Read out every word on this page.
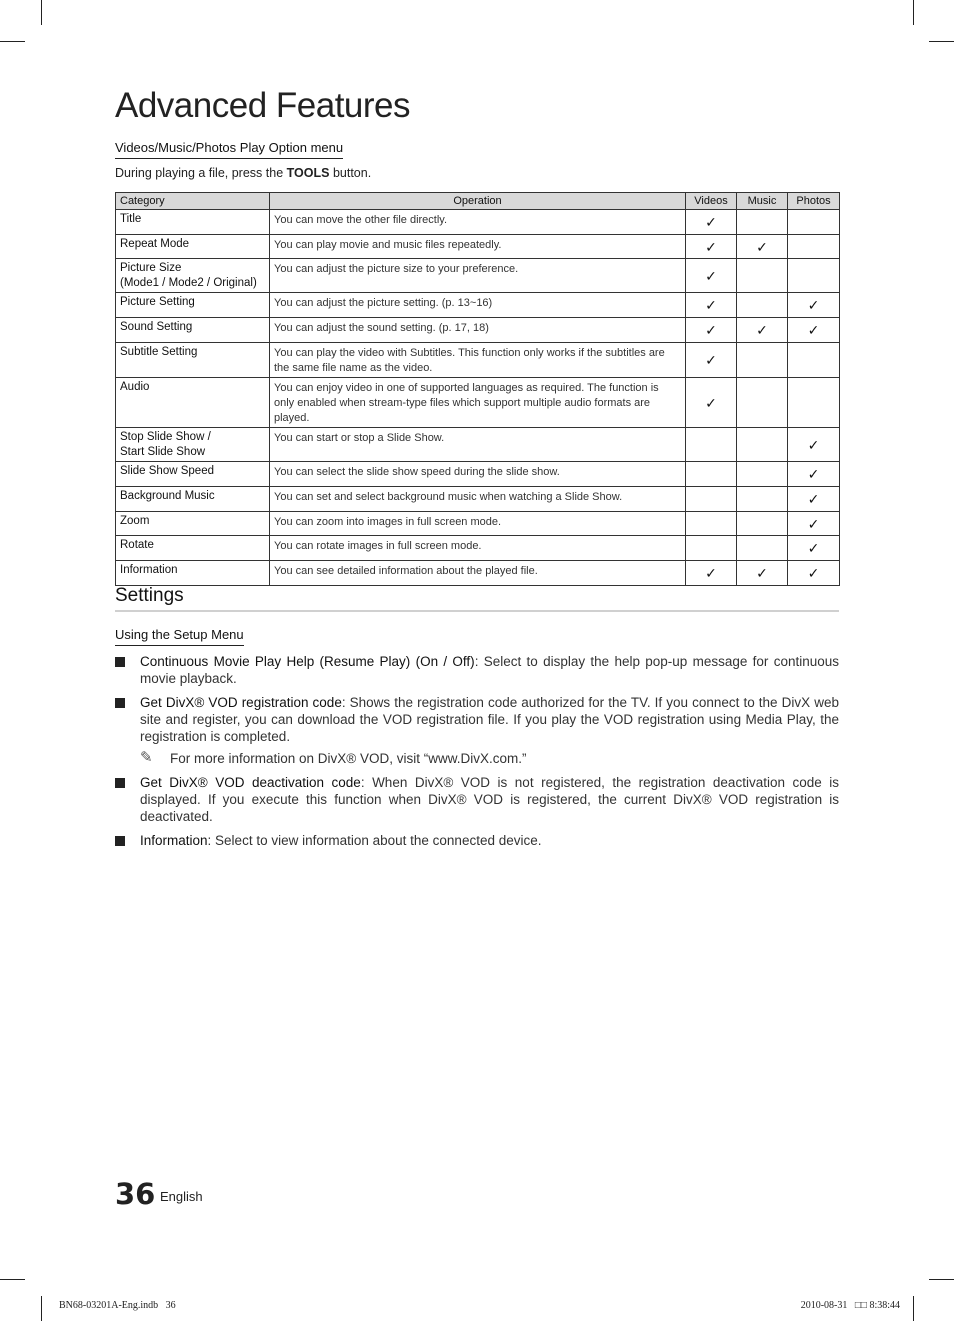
Advanced Features
Videos/Music/Photos Play Option menu
During playing a file, press the TOOLS button.
Category	Operation	Videos	Music	Photos
Title	You can move the other file directly.	✓		
Repeat Mode	You can play movie and music files repeatedly.	✓	✓	
Picture Size
(Mode1 / Mode2 / Original)	You can adjust the picture size to your preference.	✓		
Picture Setting	You can adjust the picture setting. (p. 13~16)	✓		✓
Sound Setting	You can adjust the sound setting. (p. 17, 18)	✓	✓	✓
Subtitle Setting	You can play the video with Subtitles. This function only works if the subtitles are the same file name as the video.	✓		
Audio	You can enjoy video in one of supported languages as required. The function is only enabled when stream-type files which support multiple audio formats are played.	✓		
Stop Slide Show /
Start Slide Show	You can start or stop a Slide Show.			✓
Slide Show Speed	You can select the slide show speed during the slide show.			✓
Background Music	You can set and select background music when watching a Slide Show.			✓
Zoom	You can zoom into images in full screen mode.			✓
Rotate	You can rotate images in full screen mode.			✓
Information	You can see detailed information about the played file.	✓	✓	✓
Settings
Using the Setup Menu
Continuous Movie Play Help (Resume Play) (On / Off): Select to display the help pop-up message for continuous movie playback.
Get DivX® VOD registration code: Shows the registration code authorized for the TV. If you connect to the DivX web site and register, you can download the VOD registration file. If you play the VOD registration using Media Play, the registration is completed.
✎ For more information on DivX® VOD, visit “www.DivX.com.”
Get DivX® VOD deactivation code: When DivX® VOD is not registered, the registration deactivation code is displayed. If you execute this function when DivX® VOD is registered, the current DivX® VOD registration is deactivated.
Information: Select to view information about the connected device.
36 English
BN68-03201A-Eng.indb   36	2010-08-31   □□ 8:38:44
